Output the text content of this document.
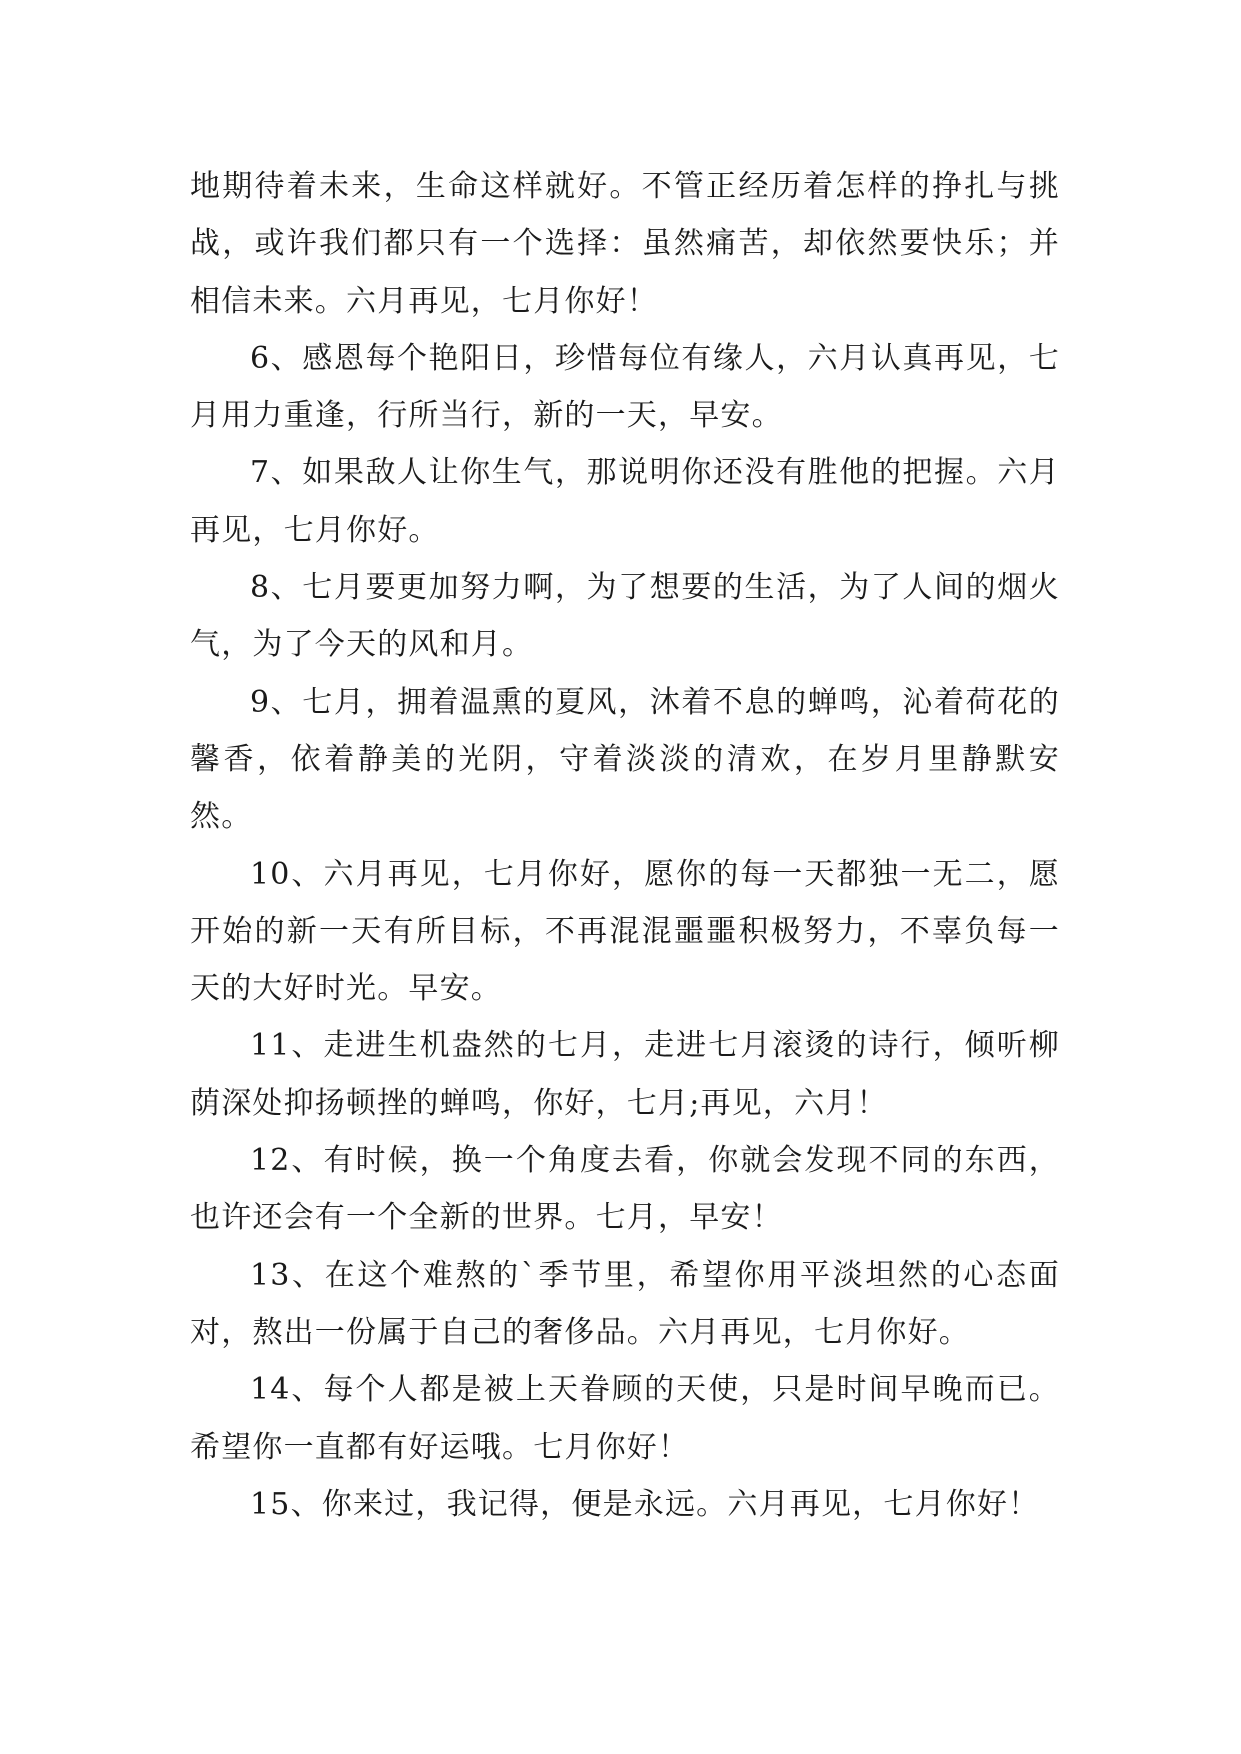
地期待着未来，生命这样就好。不管正经历着怎样的挣扎与挑战，或许我们都只有一个选择：虽然痛苦，却依然要快乐；并相信未来。六月再见，七月你好！

6、感恩每个艳阳日，珍惜每位有缘人，六月认真再见，七月用力重逢，行所当行，新的一天，早安。

7、如果敌人让你生气，那说明你还没有胜他的把握。六月再见，七月你好。

8、七月要更加努力啊，为了想要的生活，为了人间的烟火气，为了今天的风和月。

9、七月，拥着温熏的夏风，沐着不息的蝉鸣，沁着荷花的馨香，依着静美的光阴，守着淡淡的清欢，在岁月里静默安然。

10、六月再见，七月你好，愿你的每一天都独一无二，愿开始的新一天有所目标，不再混混噩噩积极努力，不辜负每一天的大好时光。早安。

11、走进生机盎然的七月，走进七月滚烫的诗行，倾听柳荫深处抑扬顿挫的蝉鸣，你好，七月;再见，六月！

12、有时候，换一个角度去看，你就会发现不同的东西，也许还会有一个全新的世界。七月，早安！

13、在这个难熬的`季节里，希望你用平淡坦然的心态面对，熬出一份属于自己的奢侈品。六月再见，七月你好。

14、每个人都是被上天眷顾的天使，只是时间早晚而已。希望你一直都有好运哦。七月你好！

15、你来过，我记得，便是永远。六月再见，七月你好！
